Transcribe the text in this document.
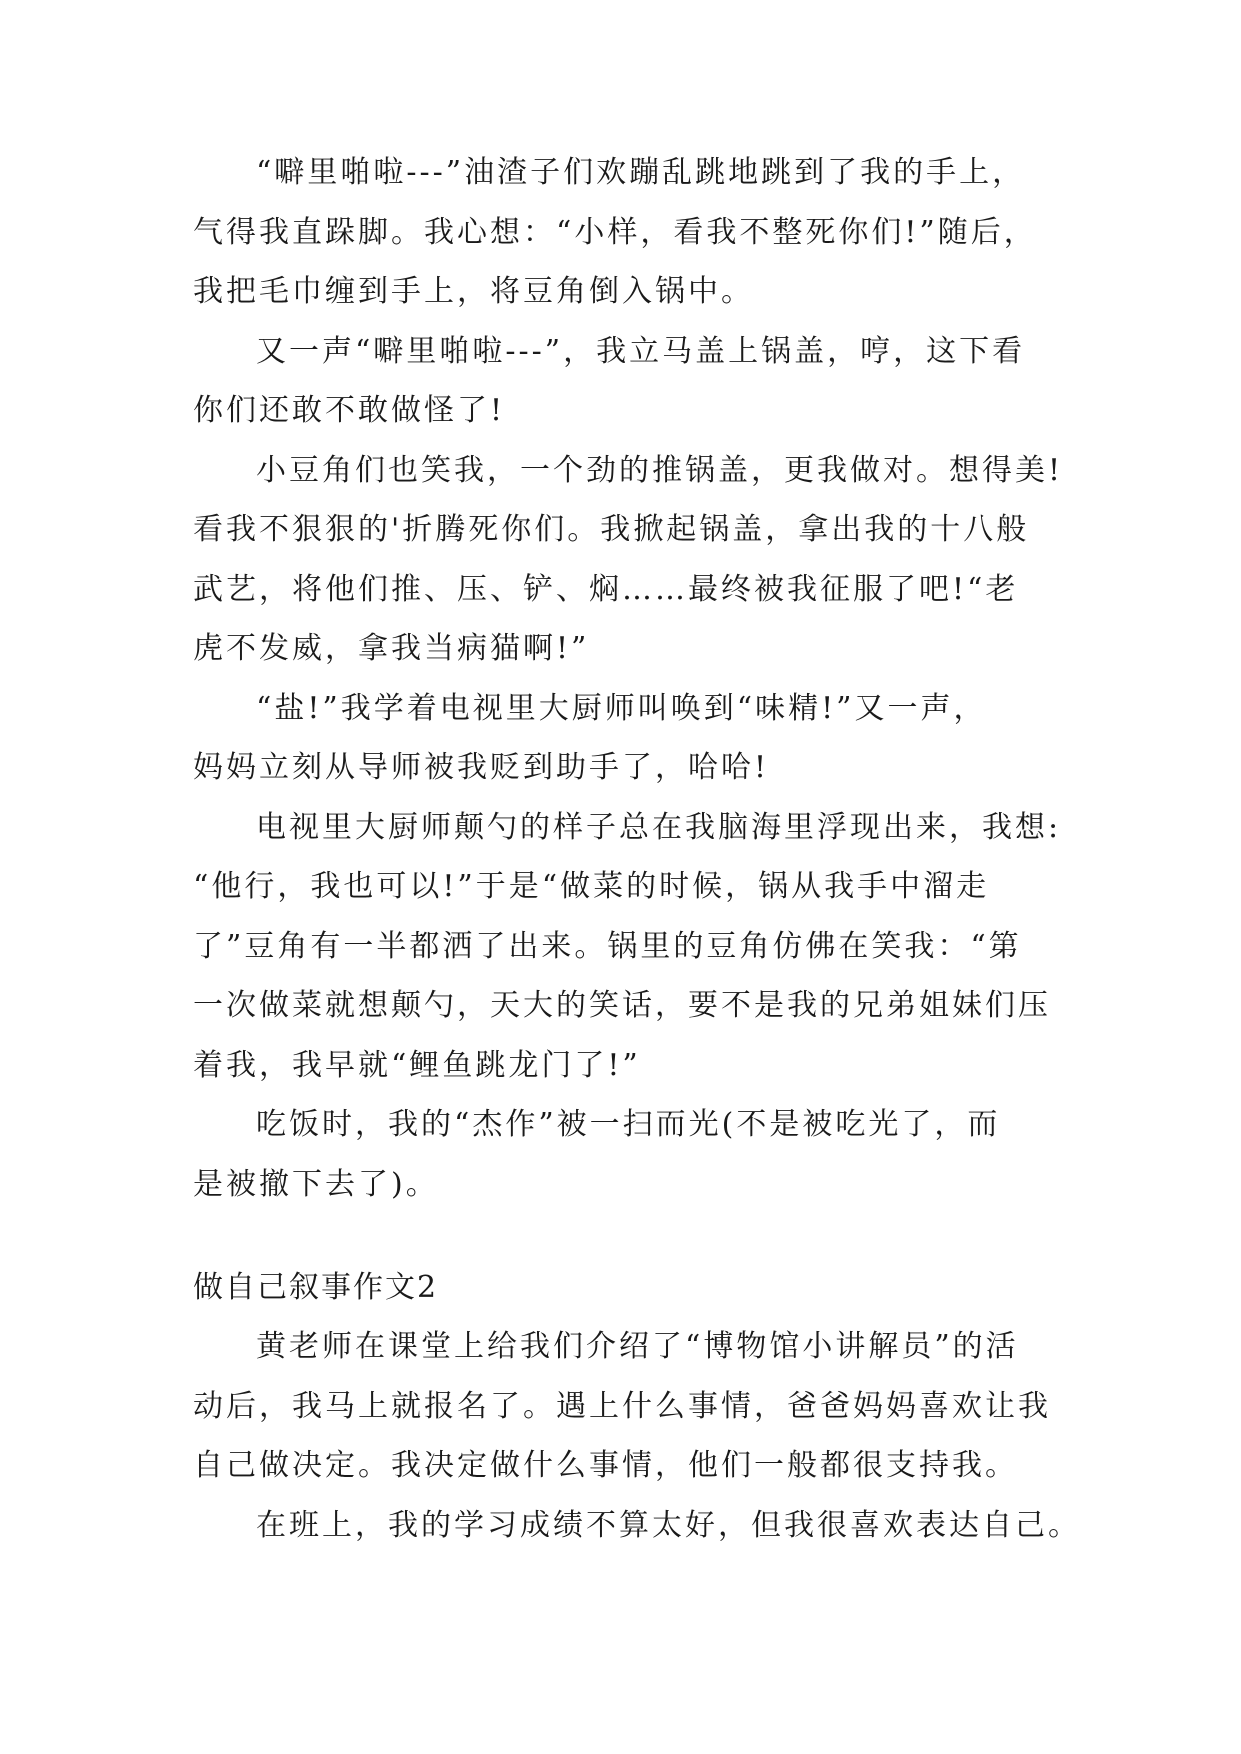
“噼里啪啦---”油渣子们欢蹦乱跳地跳到了我的手上，

气得我直跺脚。我心想：“小样，看我不整死你们!”随后，

我把毛巾缠到手上，将豆角倒入锅中。

又一声“噼里啪啦---”，我立马盖上锅盖，哼，这下看

你们还敢不敢做怪了!

小豆角们也笑我，一个劲的推锅盖，更我做对。想得美!

看我不狠狠的'折腾死你们。我掀起锅盖，拿出我的十八般

武艺，将他们推、压、铲、焖……最终被我征服了吧!“老

虎不发威，拿我当病猫啊!”

“盐!”我学着电视里大厨师叫唤到“味精!”又一声，

妈妈立刻从导师被我贬到助手了，哈哈!

电视里大厨师颠勺的样子总在我脑海里浮现出来，我想:

“他行，我也可以!”于是“做菜的时候，锅从我手中溜走

了”豆角有一半都洒了出来。锅里的豆角仿佛在笑我：“第

一次做菜就想颠勺，天大的笑话，要不是我的兄弟姐妹们压

着我，我早就“鲤鱼跳龙门了!”

吃饭时，我的“杰作”被一扫而光(不是被吃光了，而

是被撤下去了)。

做自己叙事作文2

黄老师在课堂上给我们介绍了“博物馆小讲解员”的活

动后，我马上就报名了。遇上什么事情，爸爸妈妈喜欢让我

自己做决定。我决定做什么事情，他们一般都很支持我。

在班上，我的学习成绩不算太好，但我很喜欢表达自己。
